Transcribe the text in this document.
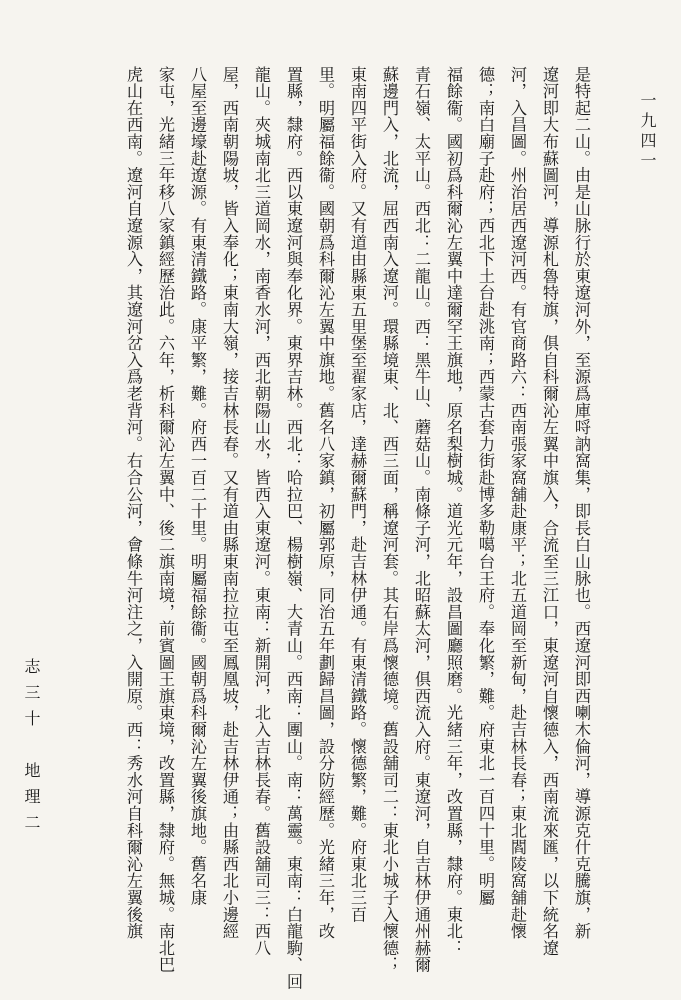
一九四一
是特起二山。由是山脉行於東遼河外，至源爲庫哷訥窩集，即長白山脉也。西遼河即西喇木倫河，導源克什克騰旗，新
遼河即大布蘇圖河，導源札魯特旗，俱自科爾沁左翼中旗入，合流至三江口，東遼河自懷德入，西南流來匯，以下統名遼
河，入昌圖。州治居西遼河西。有官商路六：西南張家窩舖赴康平；北五道岡至新甸，赴吉林長春；東北閻陵窩舖赴懷
德；南白廟子赴府；西北下土台赴洮南；西蒙古套力街赴博多勒噶台王府。奉化繁，難。府東北一百四十里。明屬
福餘衞。國初爲科爾沁左翼中達爾罕王旗地，原名梨樹城。道光元年，設昌圖廳照磨。光緒三年，改置縣，隸府。東北：
青石嶺、太平山。西北：二龍山。西：黑牛山、蘑菇山。南條子河，北昭蘇太河，俱西流入府。東遼河，自吉林伊通州赫爾
蘇邊門入，北流，屈西南入遼河。環縣境東、北、西三面，稱遼河套。其右岸爲懷德境。舊設舖司二：東北小城子入懷德；
東南四平街入府。又有道由縣東五里堡至翟家店，達赫爾蘇門，赴吉林伊通。有東清鐵路。懷德繁，難。府東北三百
里。明屬福餘衞。國朝爲科爾沁左翼中旗地。舊名八家鎮，初屬郭原，同治五年劃歸昌圖，設分防經歷。光緒三年，改
置縣，隸府。西以東遼河與奉化界。東界吉林。西北：哈拉巴、楊樹嶺、大青山。西南：團山。南：萬靈。東南：白龍駒、回
龍山。夾城南北三道岡水，南香水河，西北朝陽山水，皆西入東遼河。東南：新開河，北入吉林長春。舊設舖司三：西八
屋，西南朝陽坡，皆入奉化；東南大嶺，接吉林長春。又有道由縣東南拉拉屯至鳳凰坡，赴吉林伊通；由縣西北小邊經
八屋至邊壕赴遼源。有東清鐵路。康平繁，難。府西一百二十里。明屬福餘衞。國朝爲科爾沁左翼後旗地。舊名康
家屯，光緒三年移八家鎮經歷治此。六年，析科爾沁左翼中、後二旗南境，前賓圖王旗東境，改置縣，隸府。無城。南北巴
虎山在西南。遼河自遼源入，其遼河岔入爲老背河。右合公河，會條牛河注之，入開原。西：秀水河自科爾沁左翼後旗
志三十　地理二
